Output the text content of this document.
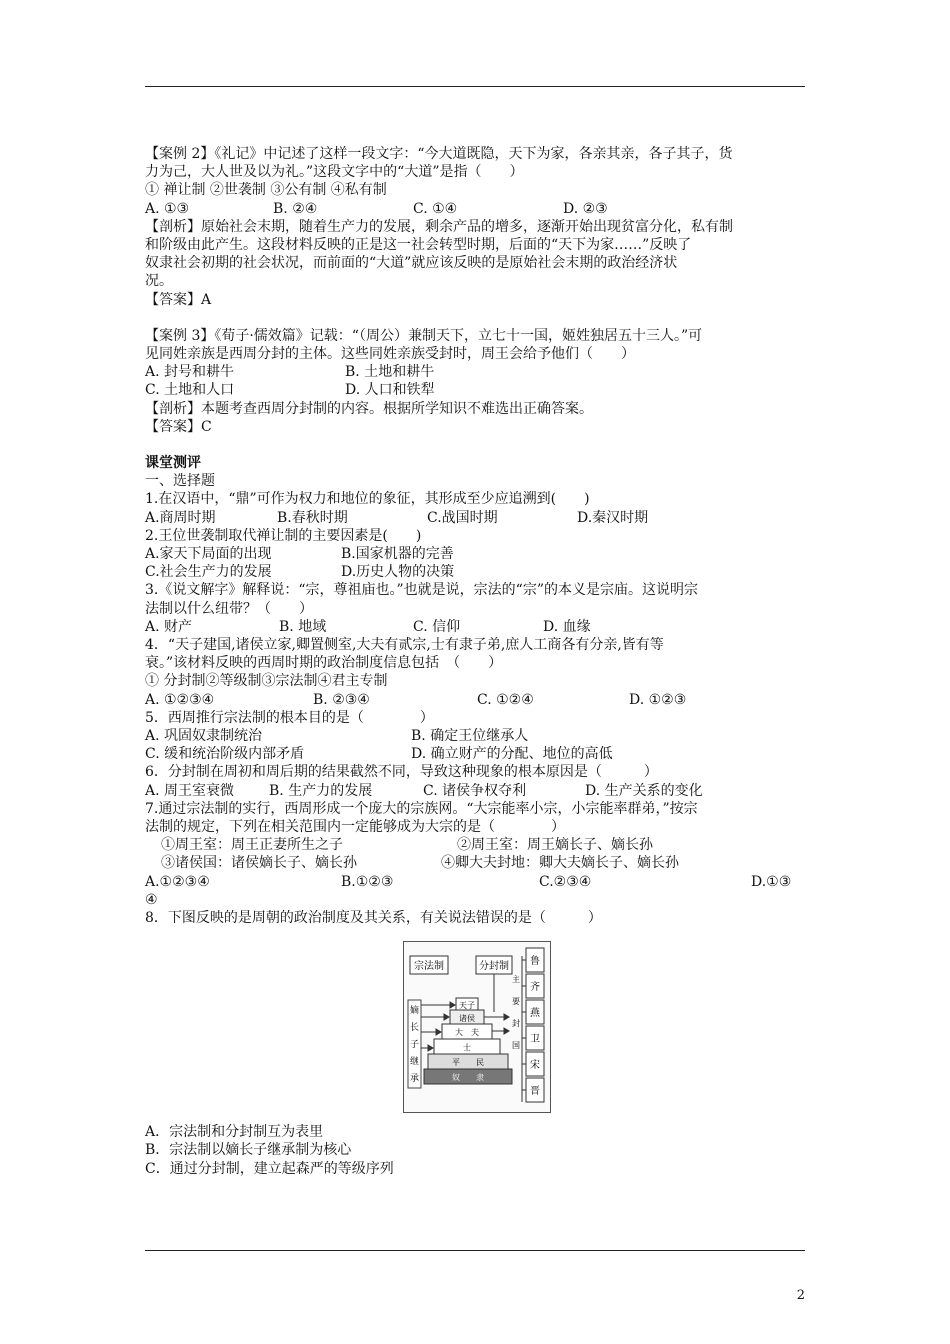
【案例 2】《礼记》中记述了这样一段文字：“今大道既隐，天下为家，各亲其亲，各子其子，货

力为己，大人世及以为礼。”这段文字中的“大道”是指（　　）

① 禅让制 ②世袭制 ③公有制 ④私有制

A. ①③	B. ②④	C. ①④	D. ②③

【剖析】原始社会末期，随着生产力的发展，剩余产品的增多，逐渐开始出现贫富分化，私有制

和阶级由此产生。这段材料反映的正是这一社会转型时期，后面的“天下为家……”反映了

奴隶社会初期的社会状况，而前面的“大道”就应该反映的是原始社会末期的政治经济状

况。

【答案】A

【案例 3】《荀子·儒效篇》记载：“（周公）兼制天下，立七十一国，姬姓独居五十三人。”可

见同姓亲族是西周分封的主体。这些同姓亲族受封时，周王会给予他们（　　）

A. 封号和耕牛	B. 土地和耕牛
C. 土地和人口	D. 人口和铁犁

【剖析】本题考查西周分封制的内容。根据所学知识不难选出正确答案。

【答案】C

课堂测评

一、选择题

1.在汉语中，“鼎”可作为权力和地位的象征，其形成至少应追溯到(　　)

A.商周时期	B.春秋时期	C.战国时期	D.秦汉时期

2.王位世袭制取代禅让制的主要因素是(　　)

A.家天下局面的出现	B.国家机器的完善
C.社会生产力的发展	D.历史人物的决策

3.《说文解字》解释说：“宗，尊祖庙也。”也就是说，宗法的“宗”的本义是宗庙。这说明宗

法制以什么纽带？（　　）

A. 财产	B. 地域	C. 信仰	D. 血缘

4．“天子建国,诸侯立家,卿置侧室,大夫有贰宗,士有隶子弟,庶人工商各有分亲,皆有等

衰。”该材料反映的西周时期的政治制度信息包括　（　　）

① 分封制②等级制③宗法制④君主专制

A. ①②③④	B. ②③④	C. ①②④	D. ①②③

5．西周推行宗法制的根本目的是（　　　　）

A. 巩固奴隶制统治	B. 确定王位继承人
C. 缓和统治阶级内部矛盾	D. 确立财产的分配、地位的高低

6．分封制在周初和周后期的结果截然不同，导致这种现象的根本原因是（　　　）

A. 周王室衰微 B. 生产力的发展	C. 诸侯争权夺利	D. 生产关系的变化

7.通过宗法制的实行，西周形成一个庞大的宗族网。“大宗能率小宗，小宗能率群弟，”按宗

法制的规定，下列在相关范围内一定能够成为大宗的是（　　　　）

①周王室：周王正妻所生之子	②周王室：周王嫡长子、嫡长孙
③诸侯国：诸侯嫡长子、嫡长孙	④卿大夫封地：卿大夫嫡长子、嫡长孙
A.①②③④	B.①②③	C.②③④	D.①③

④

8．下图反映的是周朝的政治制度及其关系，有关说法错误的是（　　　）

宗法制	分封制
嫡
长
子
继
承
天子
诸侯
大　夫
士
平　　民
奴　　隶
主
要
封
国
鲁
齐
燕
卫
宋
晋

A．宗法制和分封制互为表里

B．宗法制以嫡长子继承制为核心

C．通过分封制，建立起森严的等级序列

2
